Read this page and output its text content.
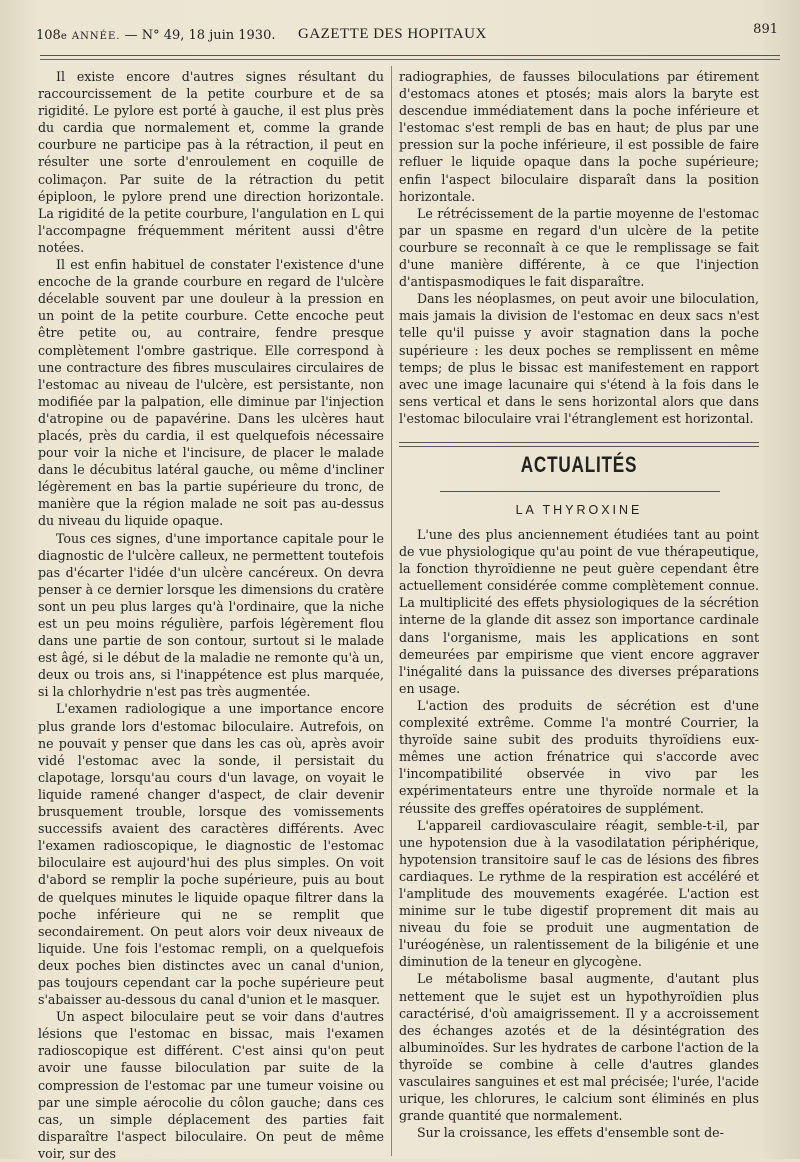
108e ANNÉE. — N° 49, 18 juin 1930. GAZETTE DES HOPITAUX	891

Il existe encore d'autres signes résultant du raccourcissement de la petite courbure et de sa rigidité. Le pylore est porté à gauche, il est plus près du cardia que normalement et, comme la grande courbure ne participe pas à la rétraction, il peut en résulter une sorte d'enroulement en coquille de colimaçon. Par suite de la rétraction du petit épiploon, le pylore prend une direction horizontale. La rigidité de la petite courbure, l'angulation en L qui l'accompagne fréquemment méritent aussi d'être notées.

Il est enfin habituel de constater l'existence d'une encoche de la grande courbure en regard de l'ulcère décelable souvent par une douleur à la pression en un point de la petite courbure. Cette encoche peut être petite ou, au contraire, fendre presque complètement l'ombre gastrique. Elle correspond à une contracture des fibres musculaires circulaires de l'estomac au niveau de l'ulcère, est persistante, non modifiée par la palpation, elle diminue par l'injection d'atropine ou de papavérine. Dans les ulcères haut placés, près du cardia, il est quelquefois nécessaire pour voir la niche et l'incisure, de placer le malade dans le décubitus latéral gauche, ou même d'incliner légèrement en bas la partie supérieure du tronc, de manière que la région malade ne soit pas au-dessus du niveau du liquide opaque.

Tous ces signes, d'une importance capitale pour le diagnostic de l'ulcère calleux, ne permettent toutefois pas d'écarter l'idée d'un ulcère cancéreux. On devra penser à ce dernier lorsque les dimensions du cratère sont un peu plus larges qu'à l'ordinaire, que la niche est un peu moins régulière, parfois légèrement flou dans une partie de son contour, surtout si le malade est âgé, si le début de la maladie ne remonte qu'à un, deux ou trois ans, si l'inappétence est plus marquée, si la chlorhydrie n'est pas très augmentée.

L'examen radiologique a une importance encore plus grande lors d'estomac biloculaire. Autrefois, on ne pouvait y penser que dans les cas où, après avoir vidé l'estomac avec la sonde, il persistait du clapotage, lorsqu'au cours d'un lavage, on voyait le liquide ramené changer d'aspect, de clair devenir brusquement trouble, lorsque des vomissements successifs avaient des caractères différents. Avec l'examen radioscopique, le diagnostic de l'estomac biloculaire est aujourd'hui des plus simples. On voit d'abord se remplir la poche supérieure, puis au bout de quelques minutes le liquide opaque filtrer dans la poche inférieure qui ne se remplit que secondairement. On peut alors voir deux niveaux de liquide. Une fois l'estomac rempli, on a quelquefois deux poches bien distinctes avec un canal d'union, pas toujours cependant car la poche supérieure peut s'abaisser au-dessous du canal d'union et le masquer.

Un aspect biloculaire peut se voir dans d'autres lésions que l'estomac en bissac, mais l'examen radioscopique est différent. C'est ainsi qu'on peut avoir une fausse biloculation par suite de la compression de l'estomac par une tumeur voisine ou par une simple aérocolie du côlon gauche; dans ces cas, un simple déplacement des parties fait disparaître l'aspect biloculaire. On peut de même voir, sur des

radiographies, de fausses biloculations par étirement d'estomacs atones et ptosés; mais alors la baryte est descendue immédiatement dans la poche inférieure et l'estomac s'est rempli de bas en haut; de plus par une pression sur la poche inférieure, il est possible de faire refluer le liquide opaque dans la poche supérieure; enfin l'aspect biloculaire disparaît dans la position horizontale.

Le rétrécissement de la partie moyenne de l'estomac par un spasme en regard d'un ulcère de la petite courbure se reconnaît à ce que le remplissage se fait d'une manière différente, à ce que l'injection d'antispasmodiques le fait disparaître.

Dans les néoplasmes, on peut avoir une biloculation, mais jamais la division de l'estomac en deux sacs n'est telle qu'il puisse y avoir stagnation dans la poche supérieure : les deux poches se remplissent en même temps; de plus le bissac est manifestement en rapport avec une image lacunaire qui s'étend à la fois dans le sens vertical et dans le sens horizontal alors que dans l'estomac biloculaire vrai l'étranglement est horizontal.

ACTUALITÉS
LA THYROXINE

L'une des plus anciennement étudiées tant au point de vue physiologique qu'au point de vue thérapeutique, la fonction thyroïdienne ne peut guère cependant être actuellement considérée comme complètement connue. La multiplicité des effets physiologiques de la sécrétion interne de la glande dit assez son importance cardinale dans l'organisme, mais les applications en sont demeurées par empirisme que vient encore aggraver l'inégalité dans la puissance des diverses préparations en usage.

L'action des produits de sécrétion est d'une complexité extrême. Comme l'a montré Courrier, la thyroïde saine subit des produits thyroïdiens eux-mêmes une action frénatrice qui s'accorde avec l'incompatibilité observée in vivo par les expérimentateurs entre une thyroïde normale et la réussite des greffes opératoires de supplément.

L'appareil cardiovasculaire réagit, semble-t-il, par une hypotension due à la vasodilatation périphérique, hypotension transitoire sauf le cas de lésions des fibres cardiaques. Le rythme de la respiration est accéléré et l'amplitude des mouvements exagérée. L'action est minime sur le tube digestif proprement dit mais au niveau du foie se produit une augmentation de l'uréogénèse, un ralentissement de la biligénie et une diminution de la teneur en glycogène.

Le métabolisme basal augmente, d'autant plus nettement que le sujet est un hypothyroïdien plus caractérisé, d'où amaigrissement. Il y a accroissement des échanges azotés et de la désintégration des albuminoïdes. Sur les hydrates de carbone l'action de la thyroïde se combine à celle d'autres glandes vasculaires sanguines et est mal précisée; l'urée, l'acide urique, les chlorures, le calcium sont éliminés en plus grande quantité que normalement.

Sur la croissance, les effets d'ensemble sont de-
